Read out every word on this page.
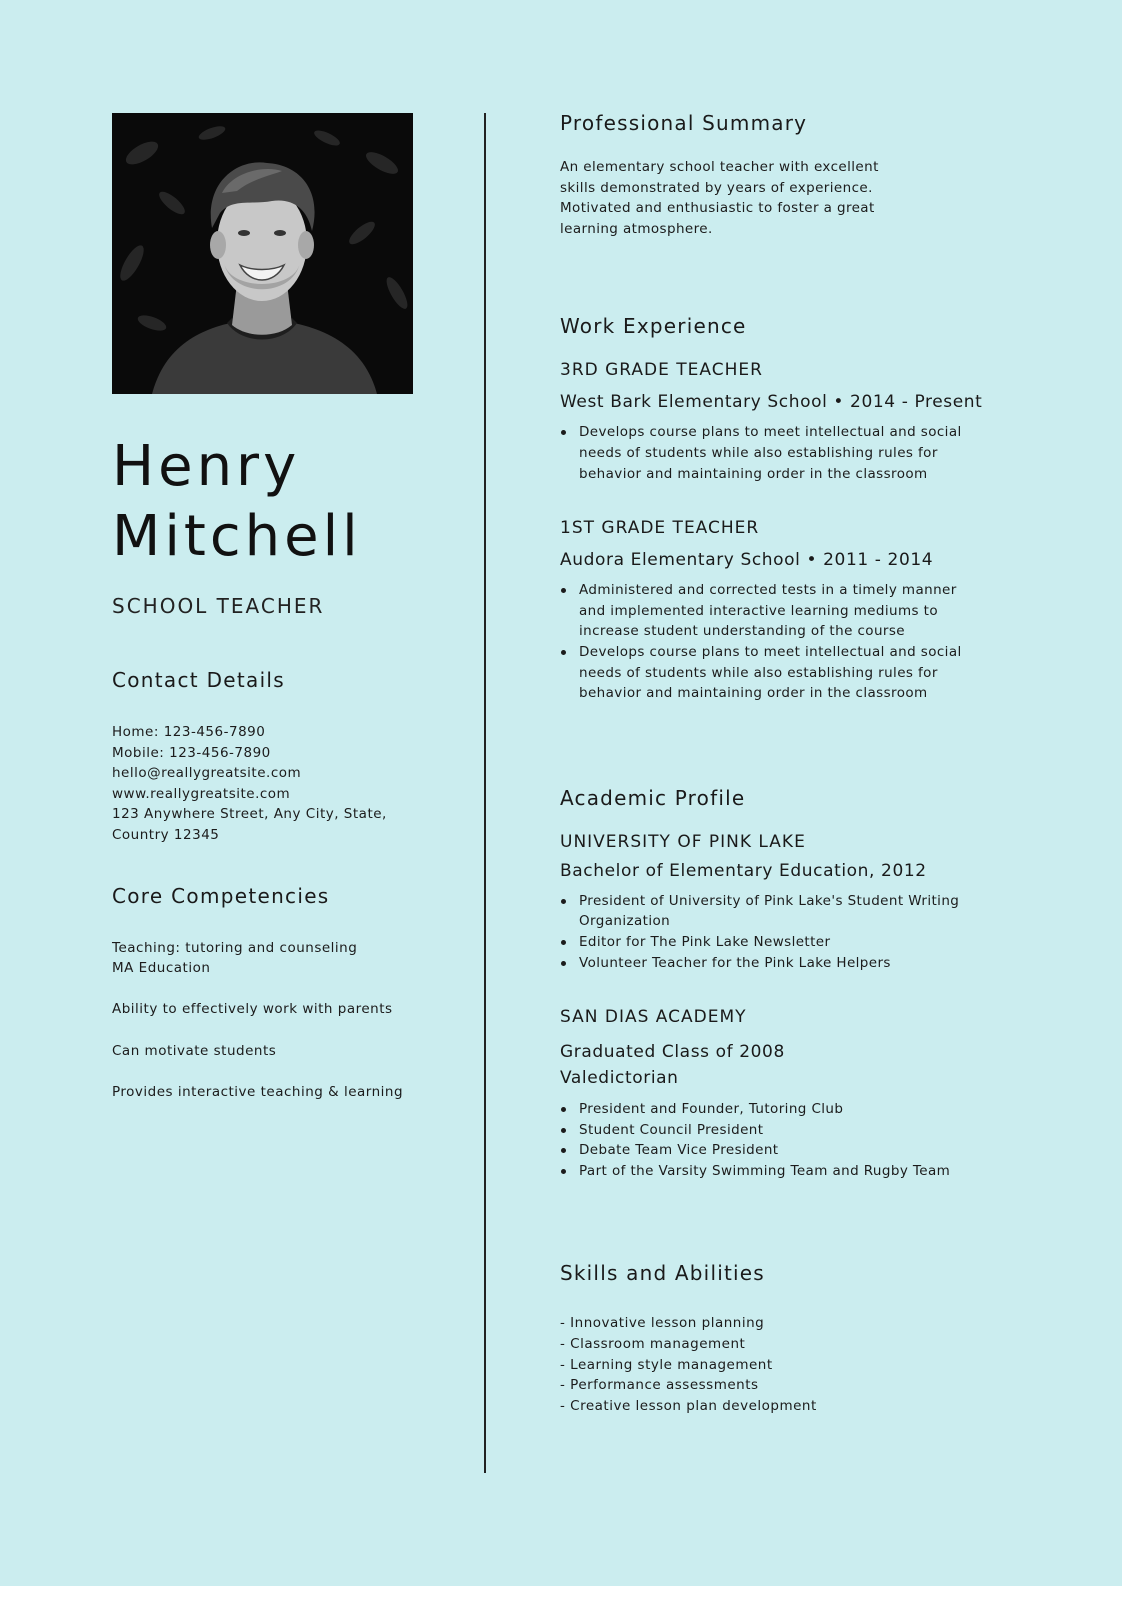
Henry
Mitchell
SCHOOL TEACHER
Contact Details
Home: 123-456-7890
Mobile: 123-456-7890
hello@reallygreatsite.com
www.reallygreatsite.com
123 Anywhere Street, Any City, State,
Country 12345
Core Competencies
Teaching: tutoring and counseling
MA Education
Ability to effectively work with parents
Can motivate students
Provides interactive teaching & learning
Professional Summary
An elementary school teacher with excellent skills demonstrated by years of experience. Motivated and enthusiastic to foster a great learning atmosphere.
Work Experience
3RD GRADE TEACHER
West Bark Elementary School • 2014 - Present
Develops course plans to meet intellectual and social needs of students while also establishing rules for behavior and maintaining order in the classroom
1ST GRADE TEACHER
Audora Elementary School • 2011 - 2014
Administered and corrected tests in a timely manner and implemented interactive learning mediums to increase student understanding of the course
Develops course plans to meet intellectual and social needs of students while also establishing rules for behavior and maintaining order in the classroom
Academic Profile
UNIVERSITY OF PINK LAKE
Bachelor of Elementary Education, 2012
President of University of Pink Lake's Student Writing Organization
Editor for The Pink Lake Newsletter
Volunteer Teacher for the Pink Lake Helpers
SAN DIAS ACADEMY
Graduated Class of 2008
Valedictorian
President and Founder, Tutoring Club
Student Council President
Debate Team Vice President
Part of the Varsity Swimming Team and Rugby Team
Skills and Abilities
- Innovative lesson planning
- Classroom management
- Learning style management
- Performance assessments
- Creative lesson plan development
